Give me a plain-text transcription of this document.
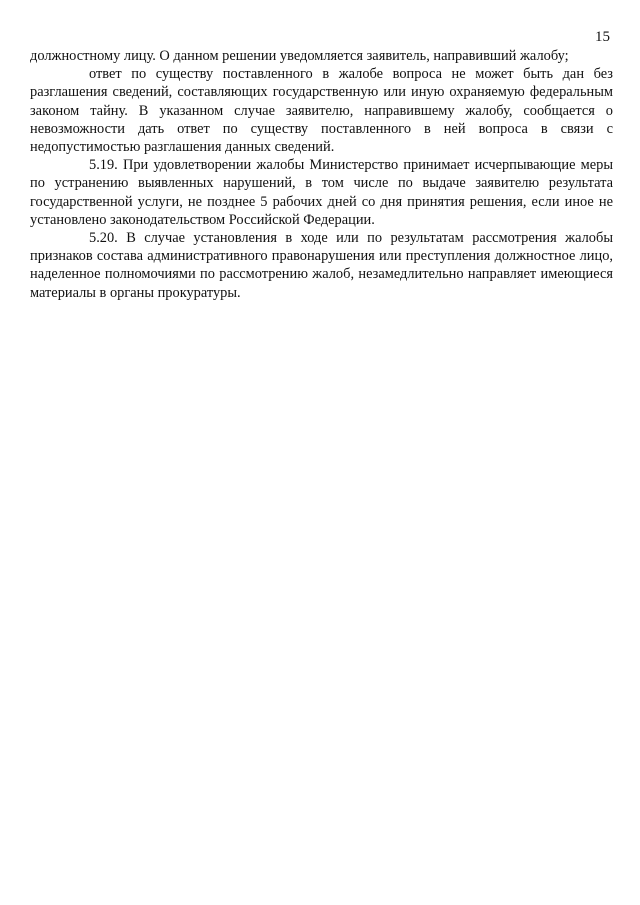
15

должностному лицу. О данном решении уведомляется заявитель, направивший жалобу;

ответ по существу поставленного в жалобе вопроса не может быть дан без разглашения сведений, составляющих государственную или иную охраняемую федеральным законом тайну. В указанном случае заявителю, направившему жалобу, сообщается о невозможности дать ответ по существу поставленного в ней вопроса в связи с недопустимостью разглашения данных сведений.

5.19. При удовлетворении жалобы Министерство принимает исчерпывающие меры по устранению выявленных нарушений, в том числе по выдаче заявителю результата государственной услуги, не позднее 5 рабочих дней со дня принятия решения, если иное не установлено законодательством Российской Федерации.

5.20. В случае установления в ходе или по результатам рассмотрения жалобы признаков состава административного правонарушения или преступления должностное лицо, наделенное полномочиями по рассмотрению жалоб, незамедлительно направляет имеющиеся материалы в органы прокуратуры.
